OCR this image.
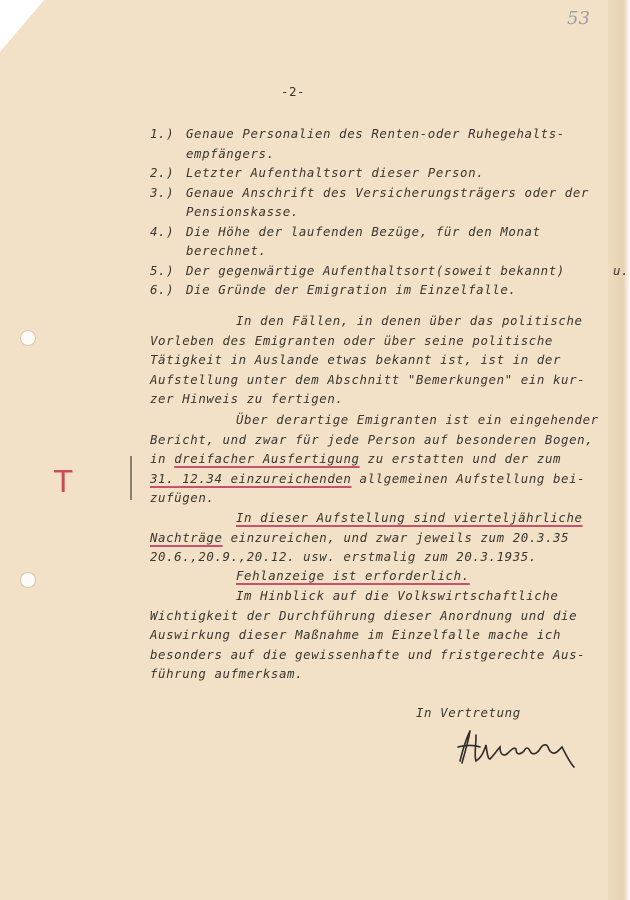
53

-2-

1.) Genaue Personalien des Renten-oder Ruhegehalts-
empfängers.
2.) Letzter Aufenthaltsort dieser Person.
3.) Genaue Anschrift des Versicherungsträgers oder der
Pensionskasse.
4.) Die Höhe der laufenden Bezüge, für den Monat
berechnet.
5.) Der gegenwärtige Aufenthaltsort(soweit bekannt)
6.) Die Gründe der Emigration im Einzelfalle.
u.

In den Fällen, in denen über das politische
Vorleben des Emigranten oder über seine politische
Tätigkeit in Auslande etwas bekannt ist, ist in der
Aufstellung unter dem Abschnitt "Bemerkungen" ein kur-
zer Hinweis zu fertigen.

Über derartige Emigranten ist ein eingehender
Bericht, und zwar für jede Person auf besonderen Bogen,
in dreifacher Ausfertigung zu erstatten und der zum
31. 12.34 einzureichenden allgemeinen Aufstellung bei-
zufügen.

In dieser Aufstellung sind vierteljährliche
Nachträge einzureichen, und zwar jeweils zum 20.3.35
20.6.,20.9.,20.12. usw. erstmalig zum 20.3.1935.

Fehlanzeige ist erforderlich.

Im Hinblick auf die Volkswirtschaftliche
Wichtigkeit der Durchführung dieser Anordnung und die
Auswirkung dieser Maßnahme im Einzelfalle mache ich
besonders auf die gewissenhafte und fristgerechte Aus-
führung aufmerksam.

In Vertretung

T
